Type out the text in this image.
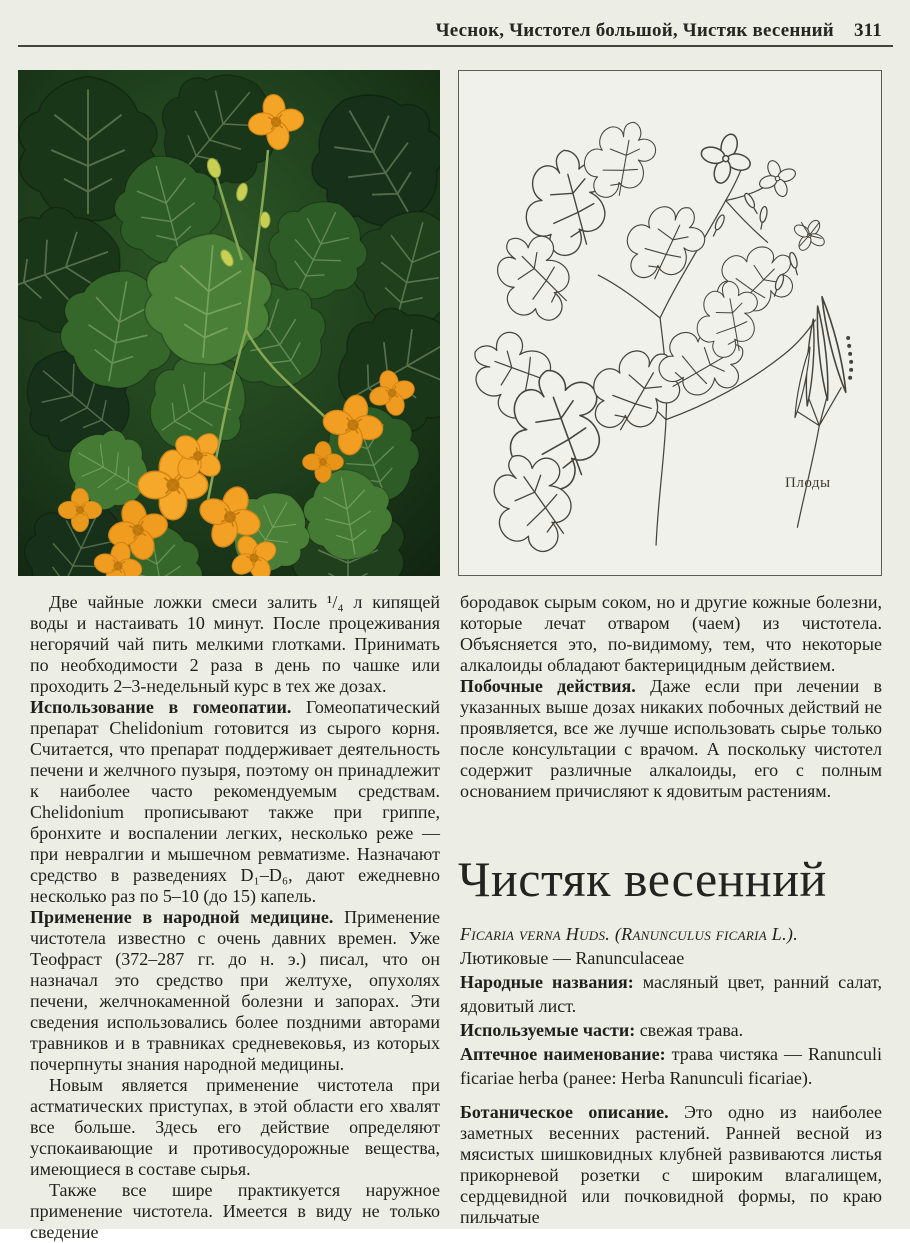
Чеснок, Чистотел большой, Чистяк весенний 311
Плоды

Две чайные ложки смеси залить ¹/₄ л кипящей воды и настаивать 10 минут. После процеживания негорячий чай пить мелкими глотками. Принимать по необходимости 2 раза в день по чашке или проходить 2–3-недельный курс в тех же дозах.

Использование в гомеопатии. Гомеопатический препарат Chelidonium готовится из сырого корня. Считается, что препарат поддерживает деятельность печени и желчного пузыря, поэтому он принадлежит к наиболее часто рекомендуемым средствам. Chelidonium прописывают также при гриппе, бронхите и воспалении легких, несколько реже — при невралгии и мышечном ревматизме. Назначают средство в разведениях D₁–D₆, дают ежедневно несколько раз по 5–10 (до 15) капель.

Применение в народной медицине. Применение чистотела известно с очень давних времен. Уже Теофраст (372–287 гг. до н. э.) писал, что он назначал это средство при желтухе, опухолях печени, желчнокаменной болезни и запорах. Эти сведения использовались более поздними авторами травников и в травниках средневековья, из которых почерпнуты знания народной медицины.

Новым является применение чистотела при астматических приступах, в этой области его хвалят все больше. Здесь его действие определяют успокаивающие и противосудорожные вещества, имеющиеся в составе сырья.

Также все шире практикуется наружное применение чистотела. Имеется в виду не только сведение

бородавок сырым соком, но и другие кожные болезни, которые лечат отваром (чаем) из чистотела. Объясняется это, по-видимому, тем, что некоторые алкалоиды обладают бактерицидным действием.

Побочные действия. Даже если при лечении в указанных выше дозах никаких побочных действий не проявляется, все же лучше использовать сырье только после консультации с врачом. А поскольку чистотел содержит различные алкалоиды, его с полным основанием причисляют к ядовитым растениям.

Чистяк весенний

Ficaria verna Huds. (Ranunculus ficaria L.).

Лютиковые — Ranunculaceae

Народные названия: масляный цвет, ранний салат, ядовитый лист.

Используемые части: свежая трава.

Аптечное наименование: трава чистяка — Ranunculi ficariae herba (ранее: Herba Ranunculi ficariae).

Ботаническое описание. Это одно из наиболее заметных весенних растений. Ранней весной из мясистых шишковидных клубней развиваются листья прикорневой розетки с широким влагалищем, сердцевидной или почковидной формы, по краю пильчатые
